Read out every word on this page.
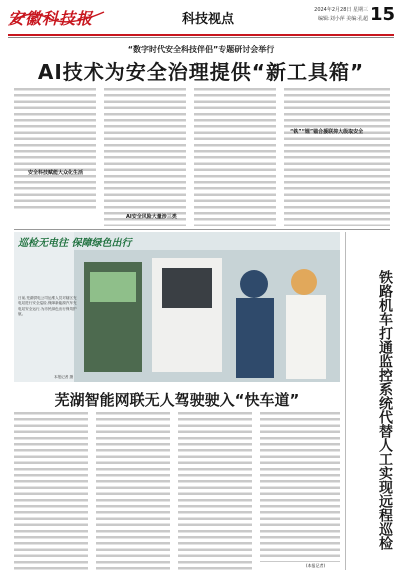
安徽科技报	科技视点
2024年2月28日 星期三
编辑:刘小萍 美编:孔超 15
“数字时代安全科技伴侣”专题研讨会举行
AI技术为安全治理提供“新工具箱”
安全科技赋能大众化生活
AI安全风险大量涉三类
“铁”“锂”锚合援联抑大级取安全
巡检无电往 保障绿色出行
日前,芜湖供电公司运维人员对辖区充电站进行安全巡检,保障新能源汽车充电站安全运行,为市民绿色出行保驾护航。
本报记者 摄
芜湖智能网联无人驾驶驶入“快车道”
(本报记者)
铁路机车打通监控系统代替人工实现远程巡检
